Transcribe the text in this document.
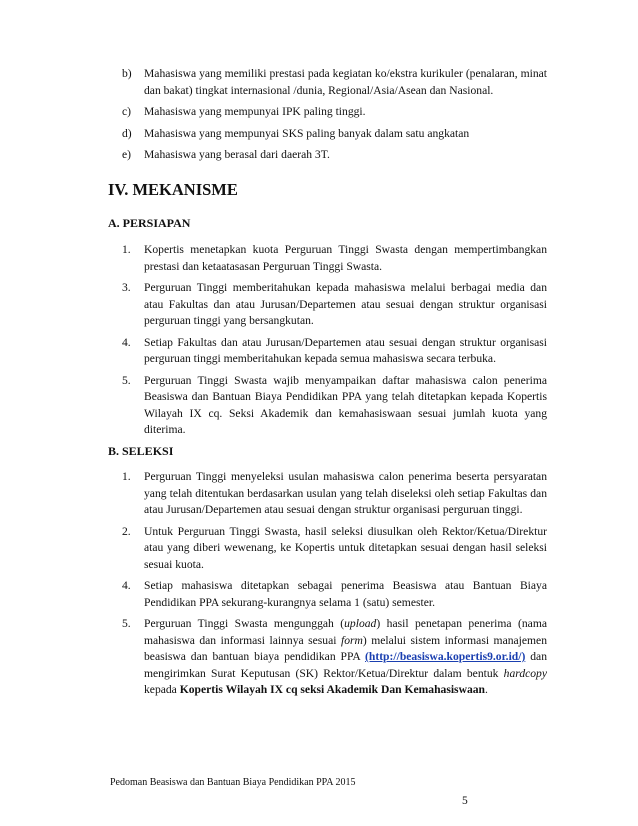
b)	Mahasiswa yang memiliki prestasi pada kegiatan ko/ekstra kurikuler (penalaran, minat dan bakat) tingkat internasional /dunia, Regional/Asia/Asean dan Nasional.
c)	Mahasiswa yang mempunyai IPK paling tinggi.
d)	Mahasiswa yang mempunyai SKS paling banyak dalam satu angkatan
e)	Mahasiswa yang berasal dari daerah 3T.
IV. MEKANISME
A. PERSIAPAN
1.	Kopertis menetapkan kuota Perguruan Tinggi Swasta dengan mempertimbangkan prestasi dan ketaatasasan Perguruan Tinggi Swasta.
3.	Perguruan Tinggi memberitahukan kepada mahasiswa melalui berbagai media dan atau Fakultas dan atau Jurusan/Departemen atau sesuai dengan struktur organisasi perguruan tinggi yang bersangkutan.
4.	Setiap Fakultas dan atau Jurusan/Departemen atau sesuai dengan struktur organisasi perguruan tinggi memberitahukan kepada semua mahasiswa secara terbuka.
5.	Perguruan Tinggi Swasta wajib menyampaikan daftar mahasiswa calon penerima Beasiswa dan Bantuan Biaya Pendidikan PPA yang telah ditetapkan kepada Kopertis Wilayah IX cq. Seksi Akademik dan kemahasiswaan sesuai jumlah kuota yang diterima.
B. SELEKSI
1.	Perguruan Tinggi menyeleksi usulan mahasiswa calon penerima beserta persyaratan yang telah ditentukan berdasarkan usulan yang telah diseleksi oleh setiap Fakultas dan atau Jurusan/Departemen atau sesuai dengan struktur organisasi perguruan tinggi.
2.	Untuk Perguruan Tinggi Swasta, hasil seleksi diusulkan oleh Rektor/Ketua/Direktur atau yang diberi wewenang, ke Kopertis untuk ditetapkan sesuai dengan hasil seleksi sesuai kuota.
4.	Setiap mahasiswa ditetapkan sebagai penerima Beasiswa atau Bantuan Biaya Pendidikan PPA sekurang-kurangnya selama 1 (satu) semester.
5.	Perguruan Tinggi Swasta mengunggah (upload) hasil penetapan penerima (nama mahasiswa dan informasi lainnya sesuai form) melalui sistem informasi manajemen beasiswa dan bantuan biaya pendidikan PPA (http://beasiswa.kopertis9.or.id/) dan mengirimkan Surat Keputusan (SK) Rektor/Ketua/Direktur dalam bentuk hardcopy kepada Kopertis Wilayah IX cq seksi Akademik Dan Kemahasiswaan.
Pedoman Beasiswa dan Bantuan Biaya Pendidikan PPA 2015
5
